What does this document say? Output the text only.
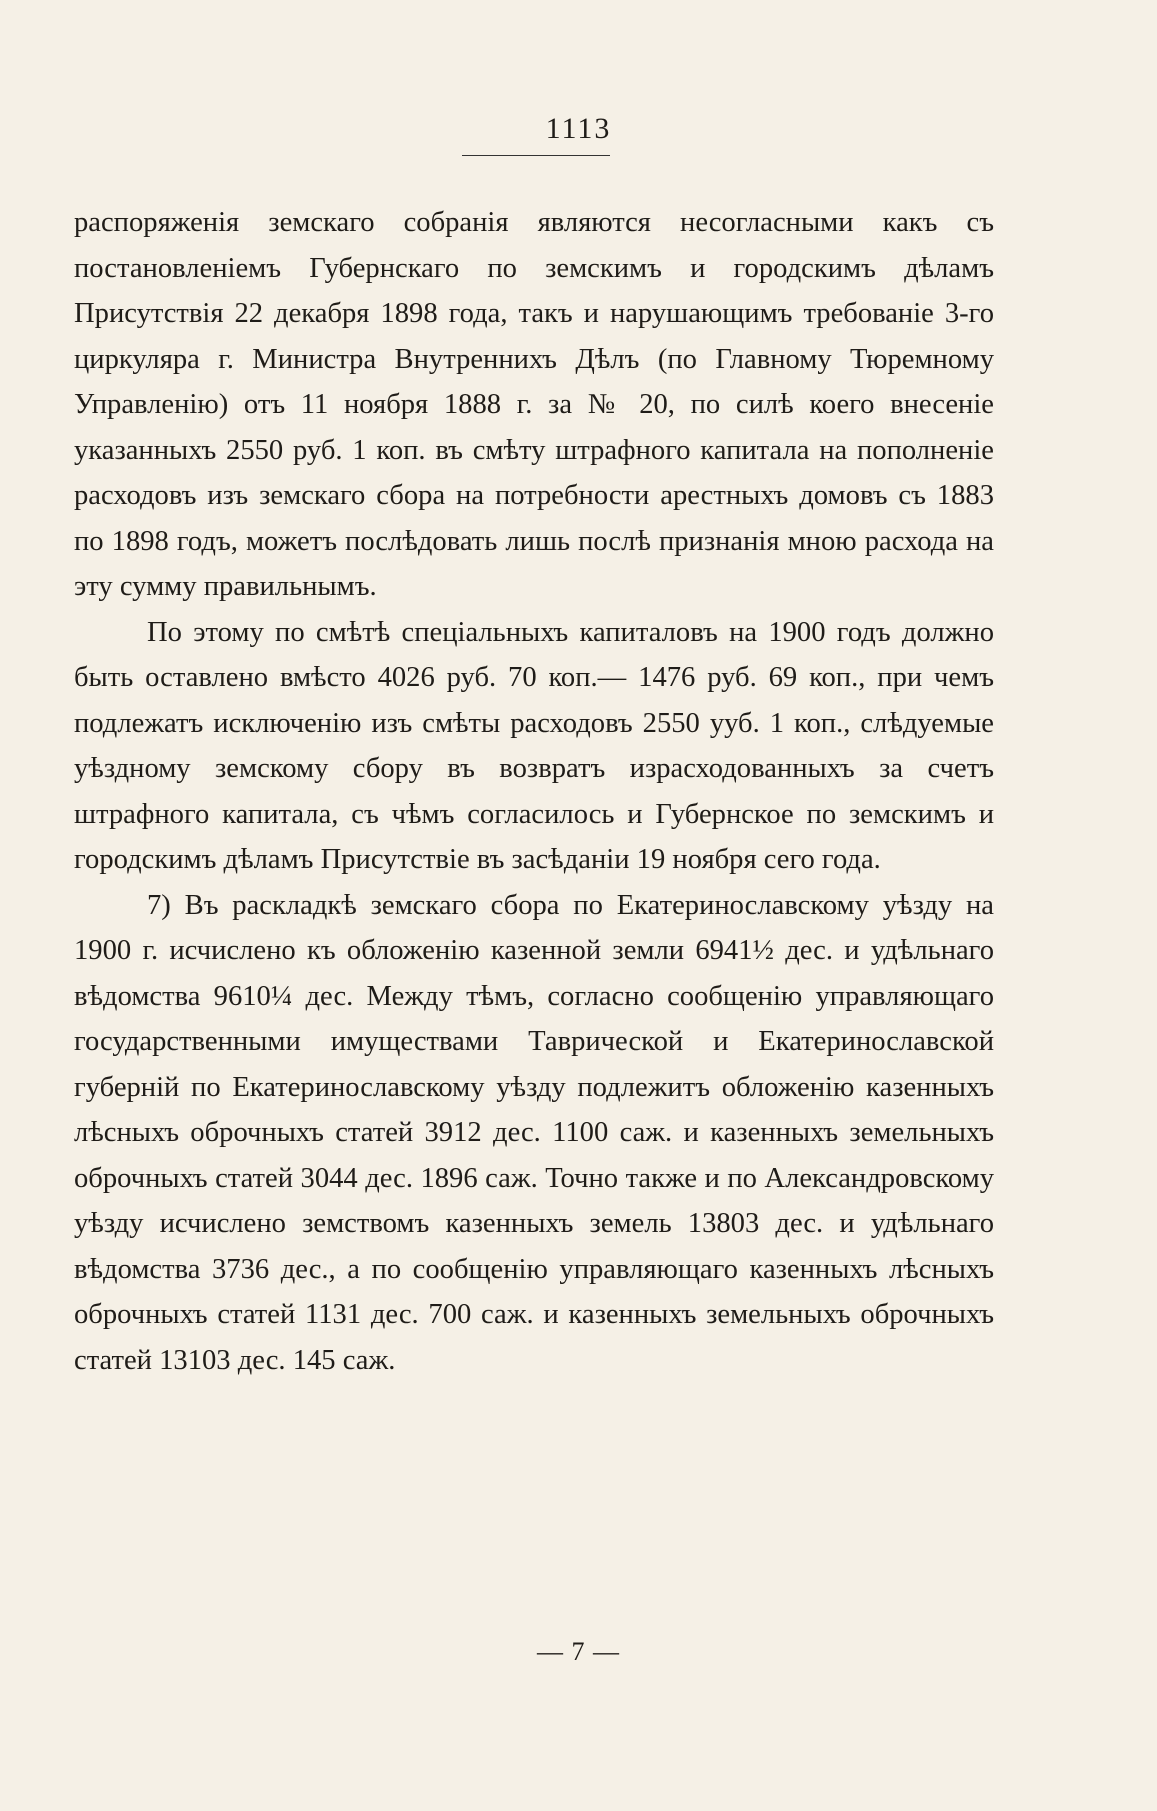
1113

распоряженія земскаго собранія являются несогласными какъ съ постановленіемъ Губернскаго по земскимъ и городскимъ дѣламъ Присутствія 22 декабря 1898 года, такъ и нарушающимъ требованіе 3-го циркуляра г. Министра Внутреннихъ Дѣлъ (по Главному Тюремному Управленію) отъ 11 ноября 1888 г. за № 20, по силѣ коего внесеніе указанныхъ 2550 руб. 1 коп. въ смѣту штрафного капитала на пополненіе расходовъ изъ земскаго сбора на потребности арестныхъ домовъ съ 1883 по 1898 годъ, можетъ послѣдовать лишь послѣ признанія мною расхода на эту сумму правильнымъ.

По этому по смѣтѣ спеціальныхъ капиталовъ на 1900 годъ должно быть оставлено вмѣсто 4026 руб. 70 коп.— 1476 руб. 69 коп., при чемъ подлежатъ исключенію изъ смѣты расходовъ 2550 ууб. 1 коп., слѣдуемые уѣздному земскому сбору въ возвратъ израсходованныхъ за счетъ штрафного капитала, съ чѣмъ согласилось и Губернское по земскимъ и городскимъ дѣламъ Присутствіе въ засѣданіи 19 ноября сего года.

7) Въ раскладкѣ земскаго сбора по Екатеринославскому уѣзду на 1900 г. исчислено къ обложенію казенной земли 6941½ дес. и удѣльнаго вѣдомства 9610¼ дес. Между тѣмъ, согласно сообщенію управляющаго государственными имуществами Таврической и Екатеринославской губерній по Екатеринославскому уѣзду подлежитъ обложенію казенныхъ лѣсныхъ оброчныхъ статей 3912 дес. 1100 саж. и казенныхъ земельныхъ оброчныхъ статей 3044 дес. 1896 саж. Точно также и по Александровскому уѣзду исчислено земствомъ казенныхъ земель 13803 дес. и удѣльнаго вѣдомства 3736 дес., а по сообщенію управляющаго казенныхъ лѣсныхъ оброчныхъ статей 1131 дес. 700 саж. и казенныхъ земельныхъ оброчныхъ статей 13103 дес. 145 саж.

— 7 —
